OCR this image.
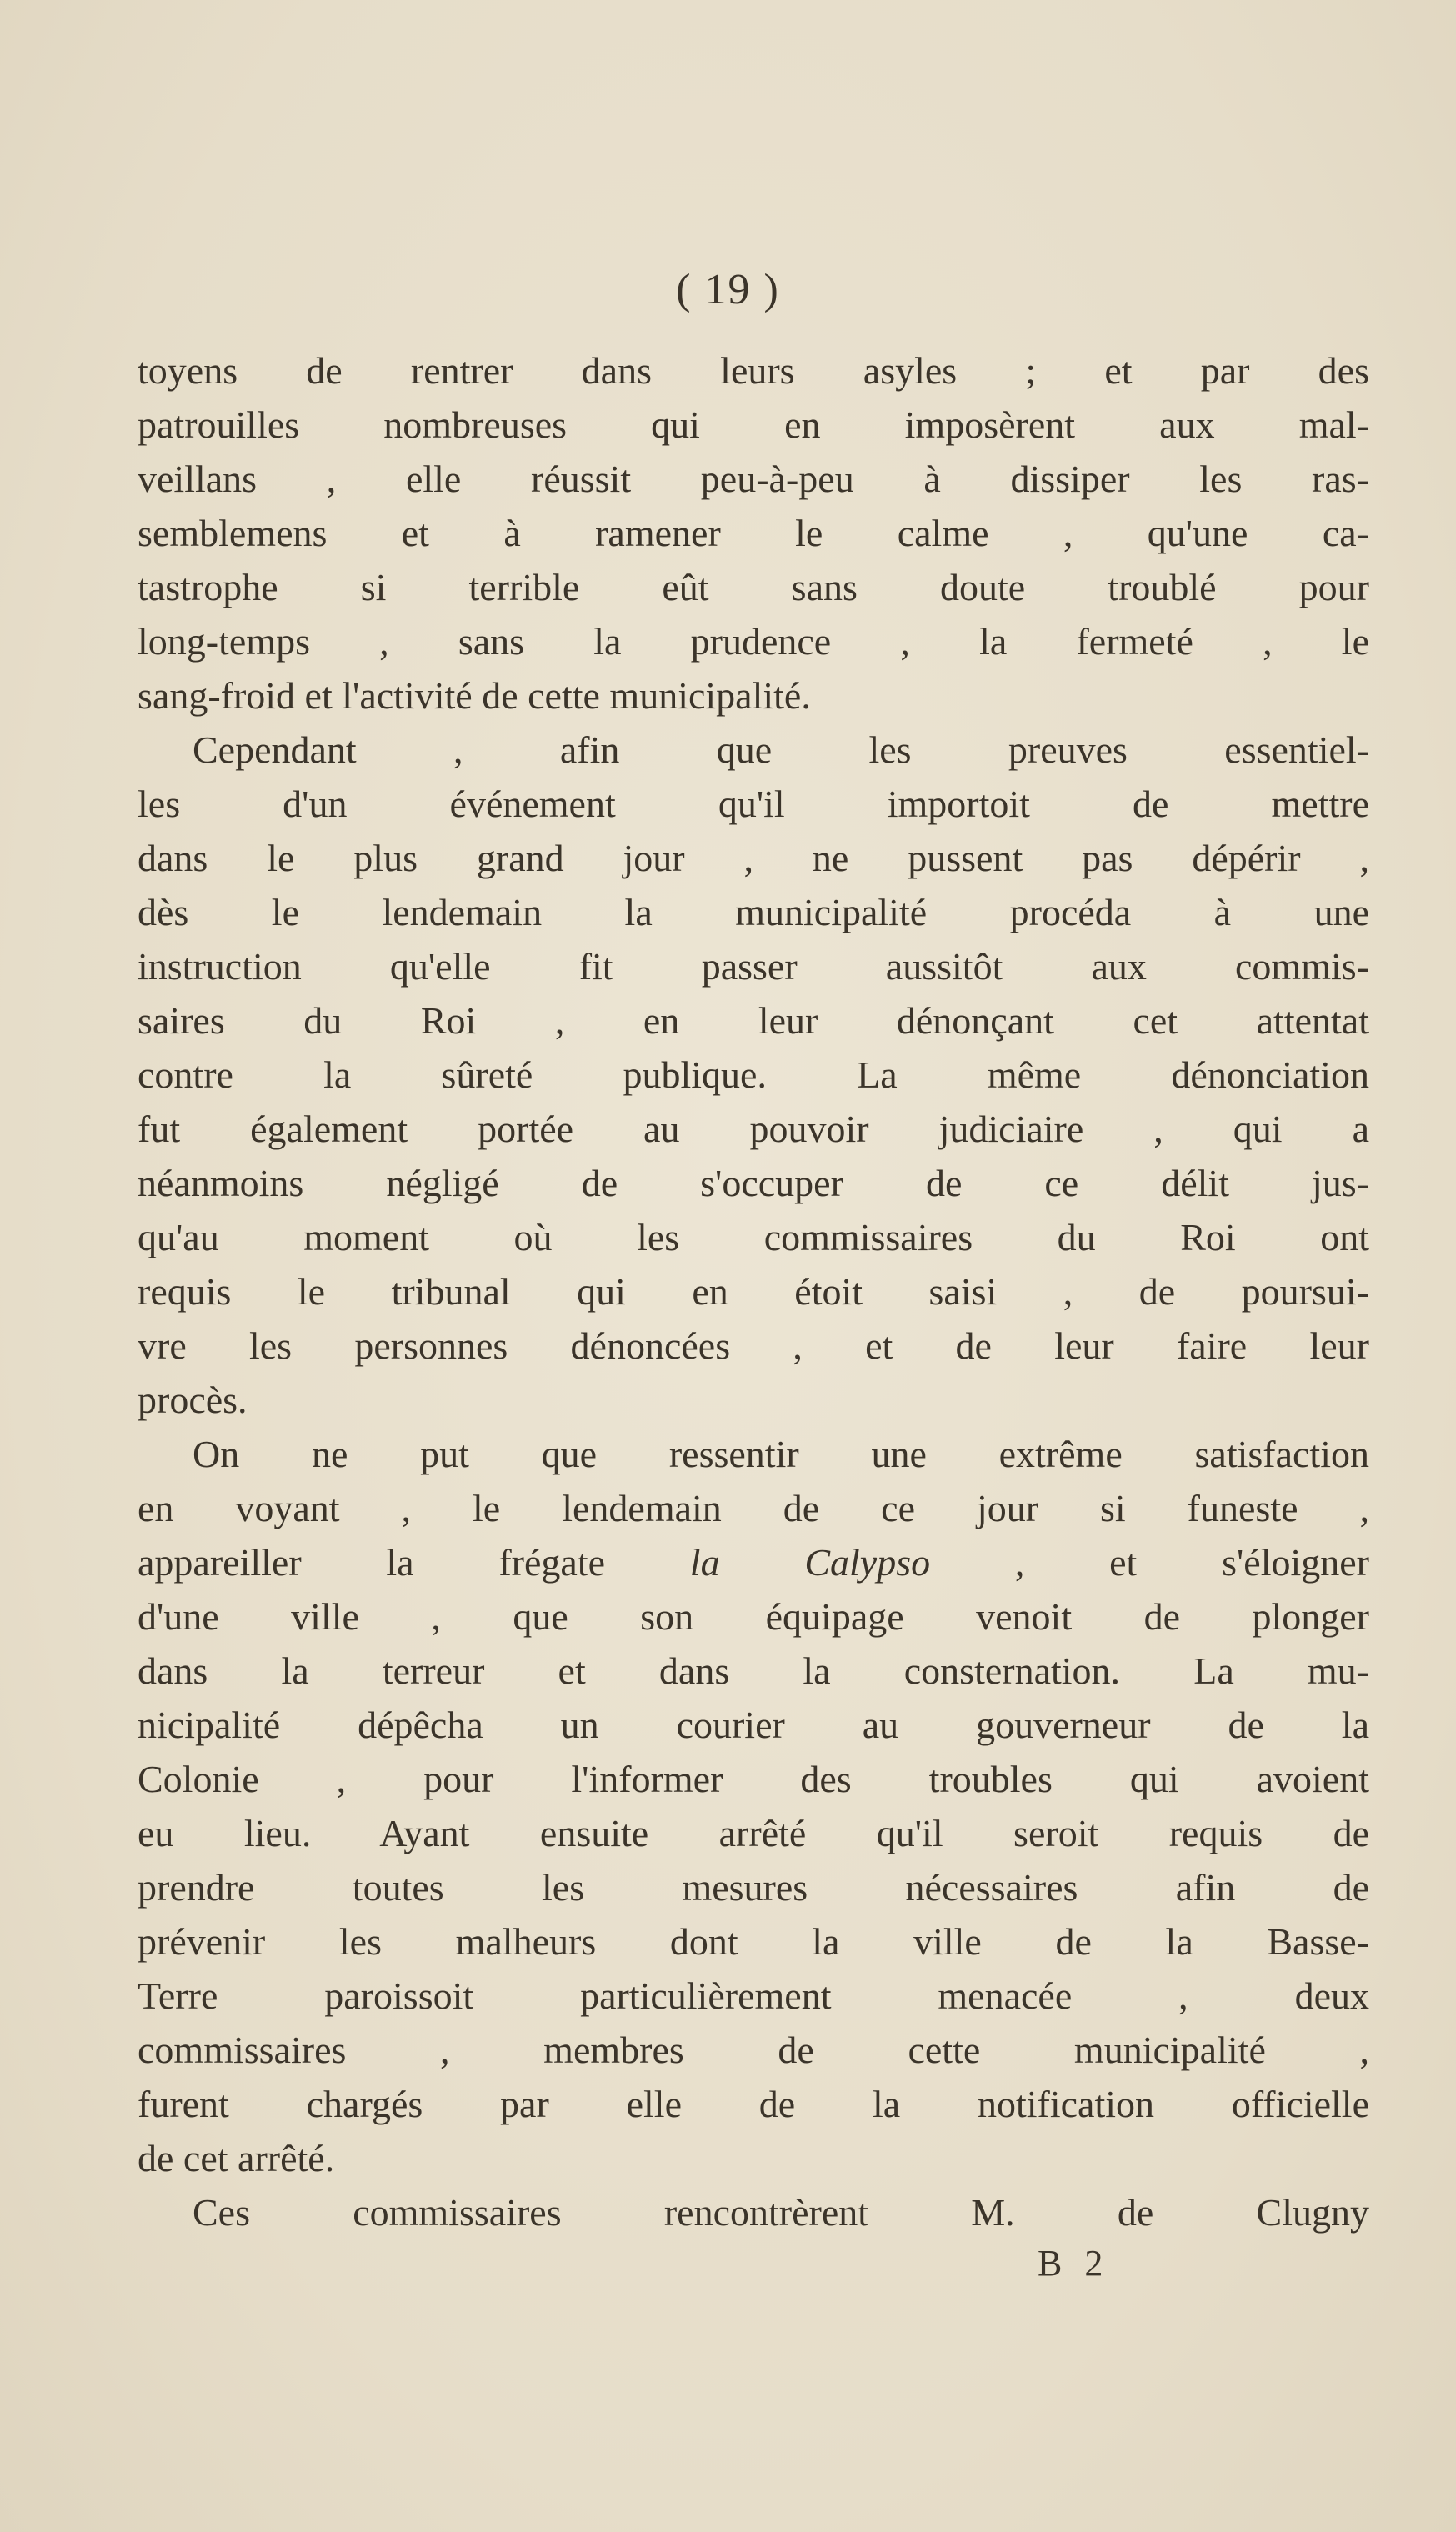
( 19 )
toyens de rentrer dans leurs asyles ; et par des
patrouilles nombreuses qui en imposèrent aux mal-
veillans , elle réussit peu-à-peu à dissiper les ras-
semblemens et à ramener le calme , qu'une ca-
tastrophe si terrible eût sans doute troublé pour
long-temps , sans la prudence , la fermeté , le
sang-froid et l'activité de cette municipalité.
Cependant , afin que les preuves essentiel-
les d'un événement qu'il importoit de mettre
dans le plus grand jour , ne pussent pas dépérir ,
dès le lendemain la municipalité procéda à une
instruction qu'elle fit passer aussitôt aux commis-
saires du Roi , en leur dénonçant cet attentat
contre la sûreté publique. La même dénonciation
fut également portée au pouvoir judiciaire , qui a
néanmoins négligé de s'occuper de ce délit jus-
qu'au moment où les commissaires du Roi ont
requis le tribunal qui en étoit saisi , de poursui-
vre les personnes dénoncées , et de leur faire leur
procès.
On ne put que ressentir une extrême satisfaction
en voyant , le lendemain de ce jour si funeste ,
appareiller la frégate la Calypso , et s'éloigner
d'une ville , que son équipage venoit de plonger
dans la terreur et dans la consternation. La mu-
nicipalité dépêcha un courier au gouverneur de la
Colonie , pour l'informer des troubles qui avoient
eu lieu. Ayant ensuite arrêté qu'il seroit requis de
prendre toutes les mesures nécessaires afin de
prévenir les malheurs dont la ville de la Basse-
Terre paroissoit particulièrement menacée , deux
commissaires , membres de cette municipalité ,
furent chargés par elle de la notification officielle
de cet arrêté.
Ces commissaires rencontrèrent M. de Clugny
B 2
